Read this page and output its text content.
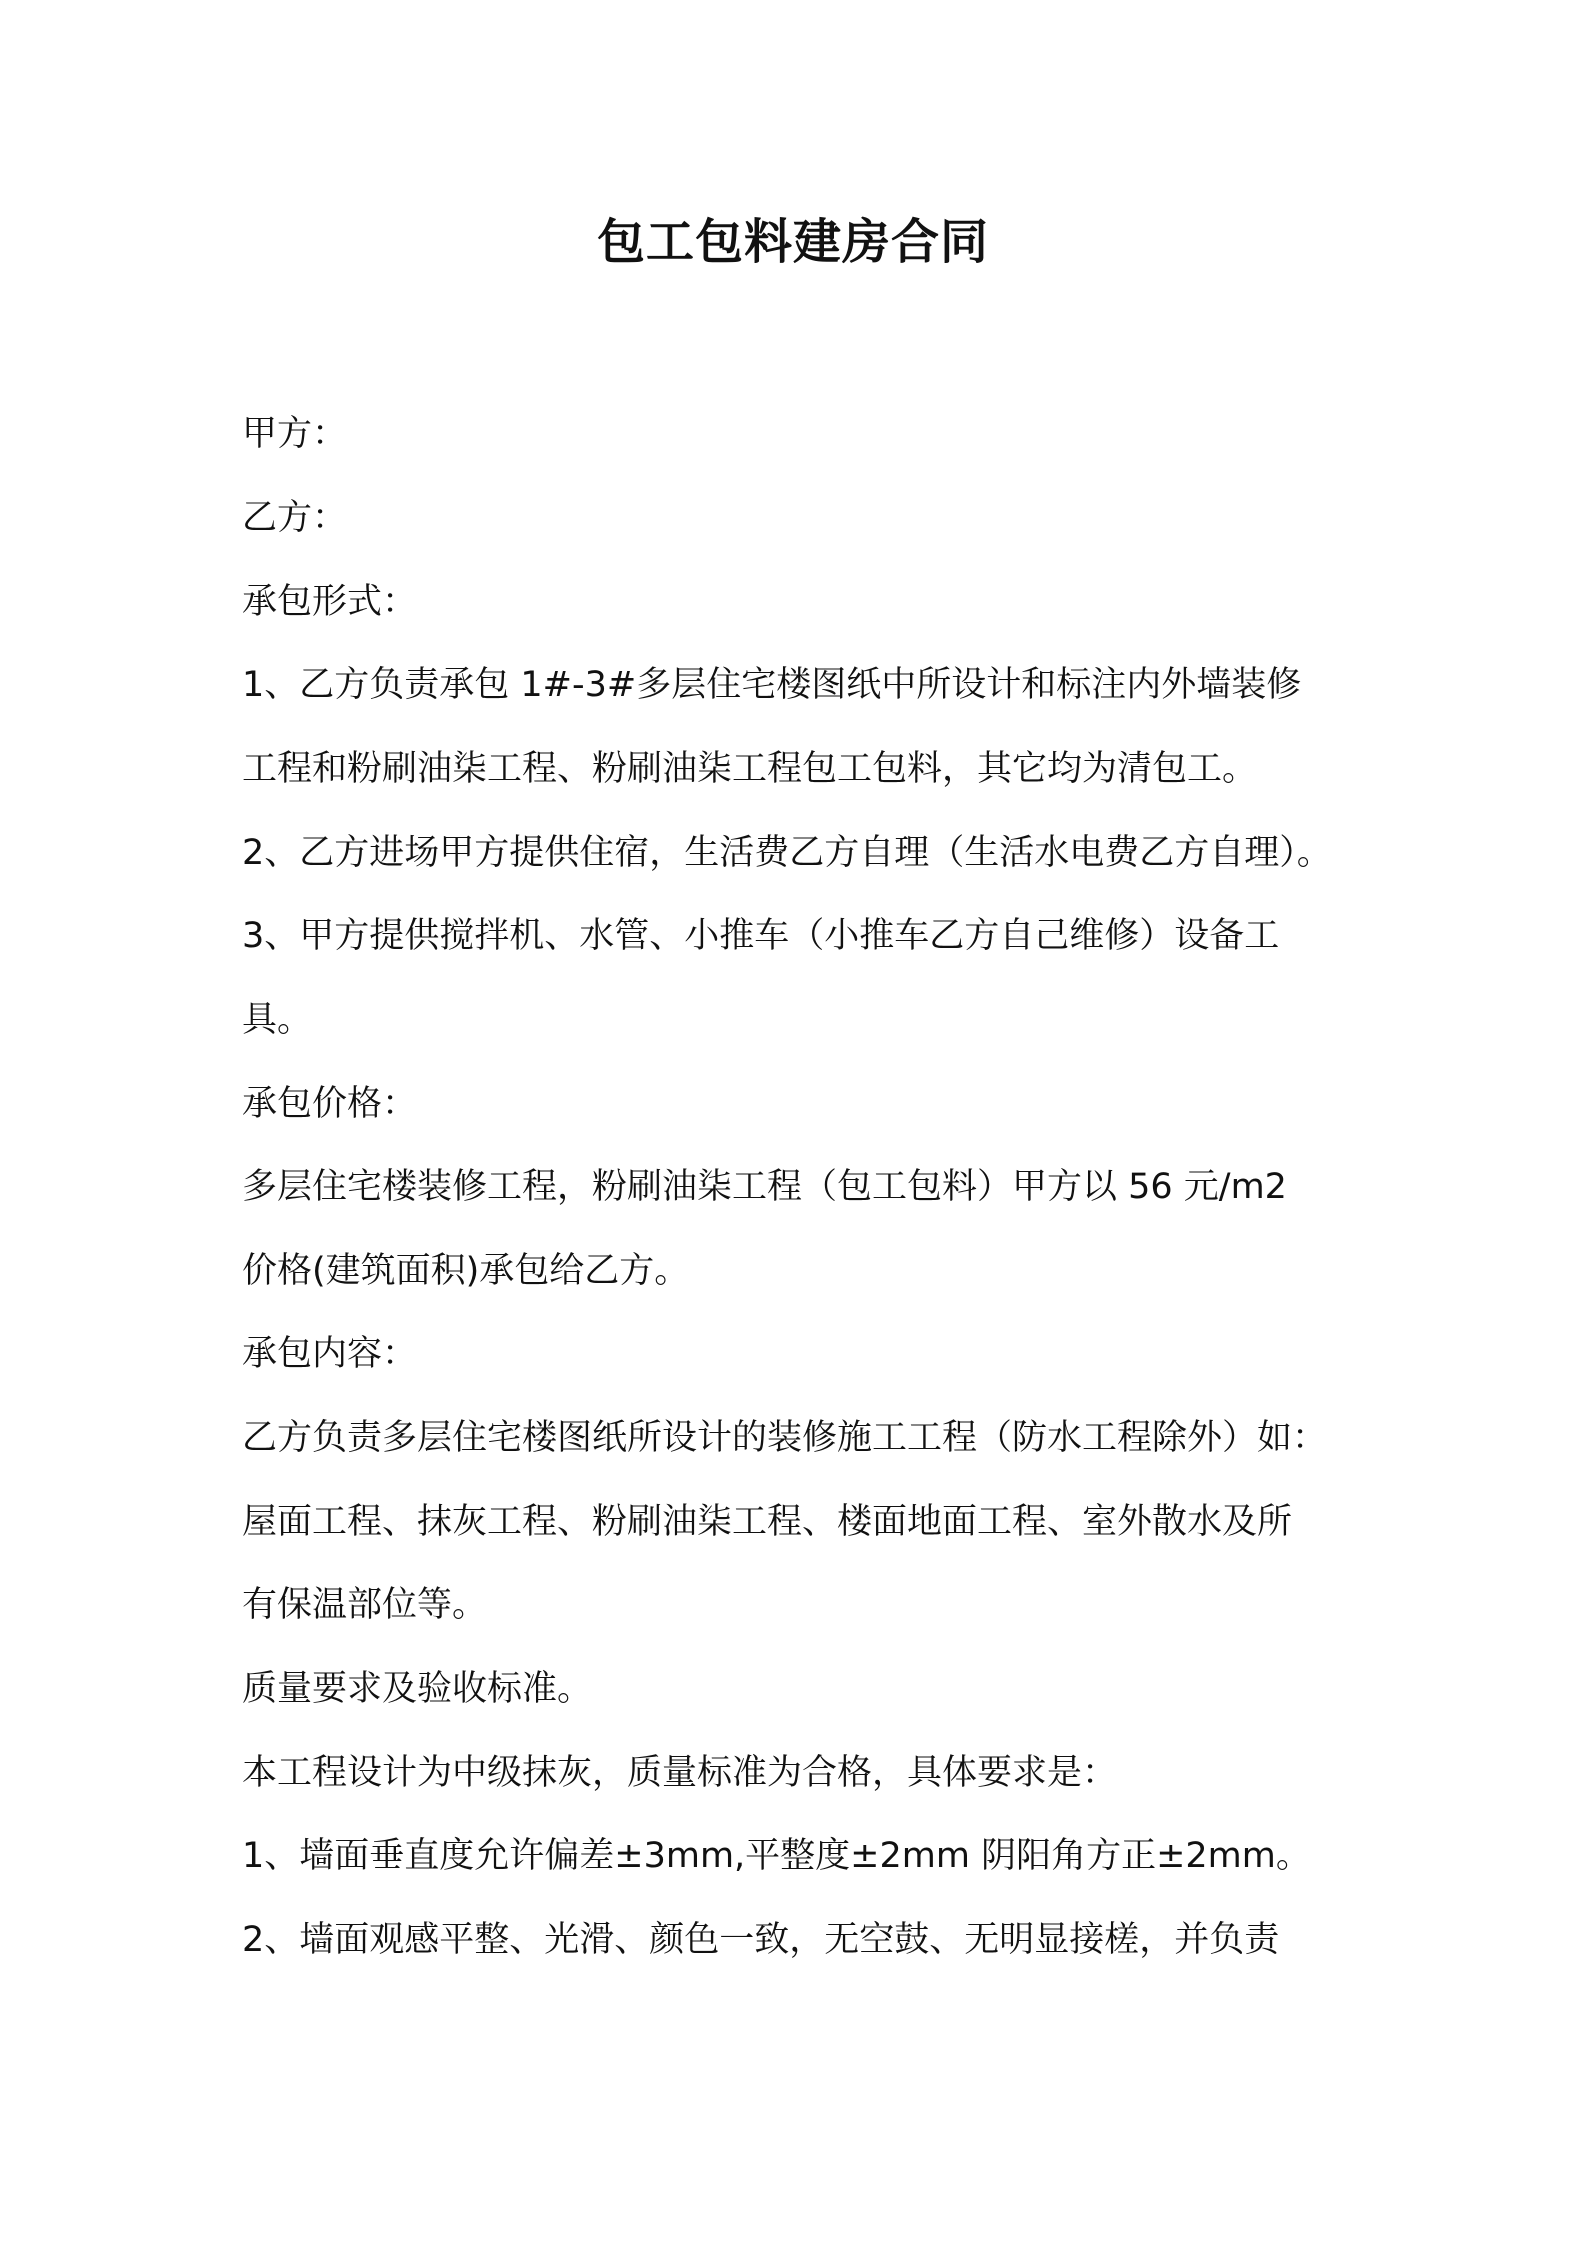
包工包料建房合同
甲方：
乙方：
承包形式：
1、乙方负责承包 1#-3#多层住宅楼图纸中所设计和标注内外墙装修
工程和粉刷油柒工程、粉刷油柒工程包工包料，其它均为清包工。
2、乙方进场甲方提供住宿，生活费乙方自理（生活水电费乙方自理）。
3、甲方提供搅拌机、水管、小推车（小推车乙方自己维修）设备工
具。
承包价格：
多层住宅楼装修工程，粉刷油柒工程（包工包料）甲方以 56 元/m2
价格(建筑面积)承包给乙方。
承包内容：
乙方负责多层住宅楼图纸所设计的装修施工工程（防水工程除外）如：
屋面工程、抹灰工程、粉刷油柒工程、楼面地面工程、室外散水及所
有保温部位等。
质量要求及验收标准。
本工程设计为中级抹灰，质量标准为合格，具体要求是：
1、墙面垂直度允许偏差±3mm,平整度±2mm 阴阳角方正±2mm。
2、墙面观感平整、光滑、颜色一致，无空鼓、无明显接槎，并负责
